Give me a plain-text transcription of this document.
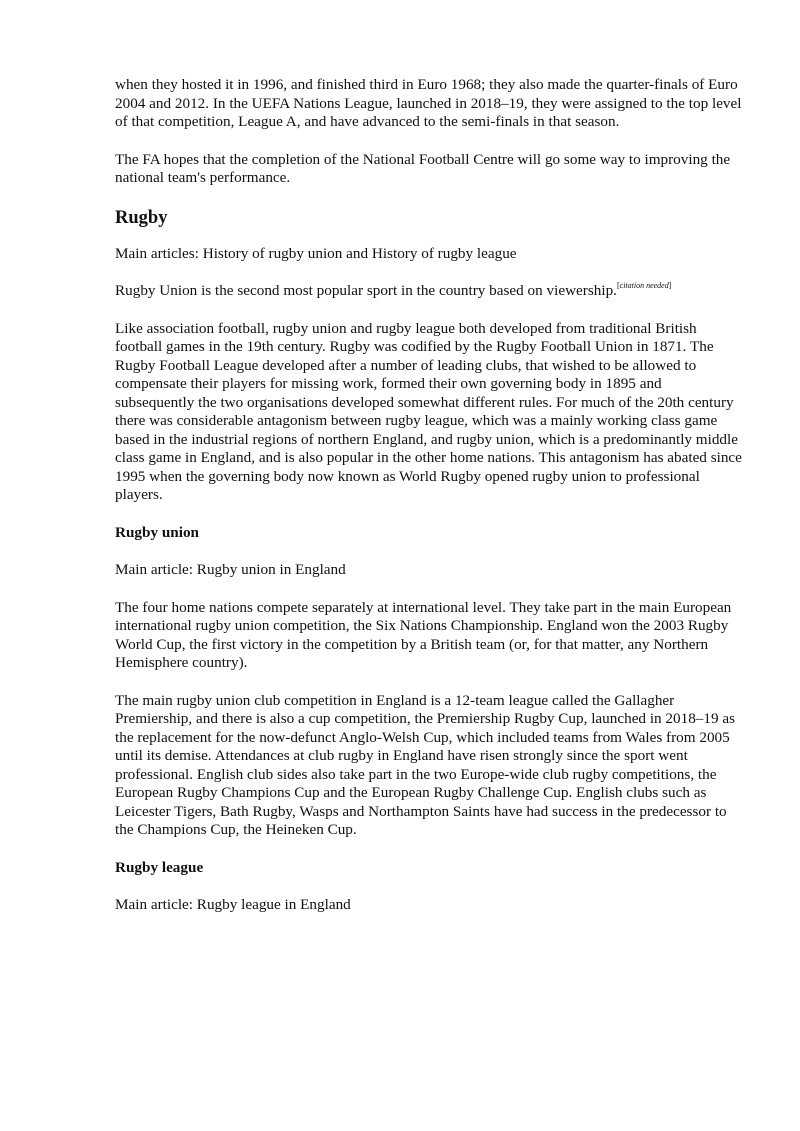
when they hosted it in 1996, and finished third in Euro 1968; they also made the quarter-finals of Euro 2004 and 2012. In the UEFA Nations League, launched in 2018–19, they were assigned to the top level of that competition, League A, and have advanced to the semi-finals in that season.

The FA hopes that the completion of the National Football Centre will go some way to improving the national team's performance.

Rugby

Main articles: History of rugby union and History of rugby league

Rugby Union is the second most popular sport in the country based on viewership.[citation needed]

Like association football, rugby union and rugby league both developed from traditional British football games in the 19th century. Rugby was codified by the Rugby Football Union in 1871. The Rugby Football League developed after a number of leading clubs, that wished to be allowed to compensate their players for missing work, formed their own governing body in 1895 and subsequently the two organisations developed somewhat different rules. For much of the 20th century there was considerable antagonism between rugby league, which was a mainly working class game based in the industrial regions of northern England, and rugby union, which is a predominantly middle class game in England, and is also popular in the other home nations. This antagonism has abated since 1995 when the governing body now known as World Rugby opened rugby union to professional players.

Rugby union

Main article: Rugby union in England

The four home nations compete separately at international level. They take part in the main European international rugby union competition, the Six Nations Championship. England won the 2003 Rugby World Cup, the first victory in the competition by a British team (or, for that matter, any Northern Hemisphere country).

The main rugby union club competition in England is a 12-team league called the Gallagher Premiership, and there is also a cup competition, the Premiership Rugby Cup, launched in 2018–19 as the replacement for the now-defunct Anglo-Welsh Cup, which included teams from Wales from 2005 until its demise. Attendances at club rugby in England have risen strongly since the sport went professional. English club sides also take part in the two Europe-wide club rugby competitions, the European Rugby Champions Cup and the European Rugby Challenge Cup. English clubs such as Leicester Tigers, Bath Rugby, Wasps and Northampton Saints have had success in the predecessor to the Champions Cup, the Heineken Cup.

Rugby league

Main article: Rugby league in England
